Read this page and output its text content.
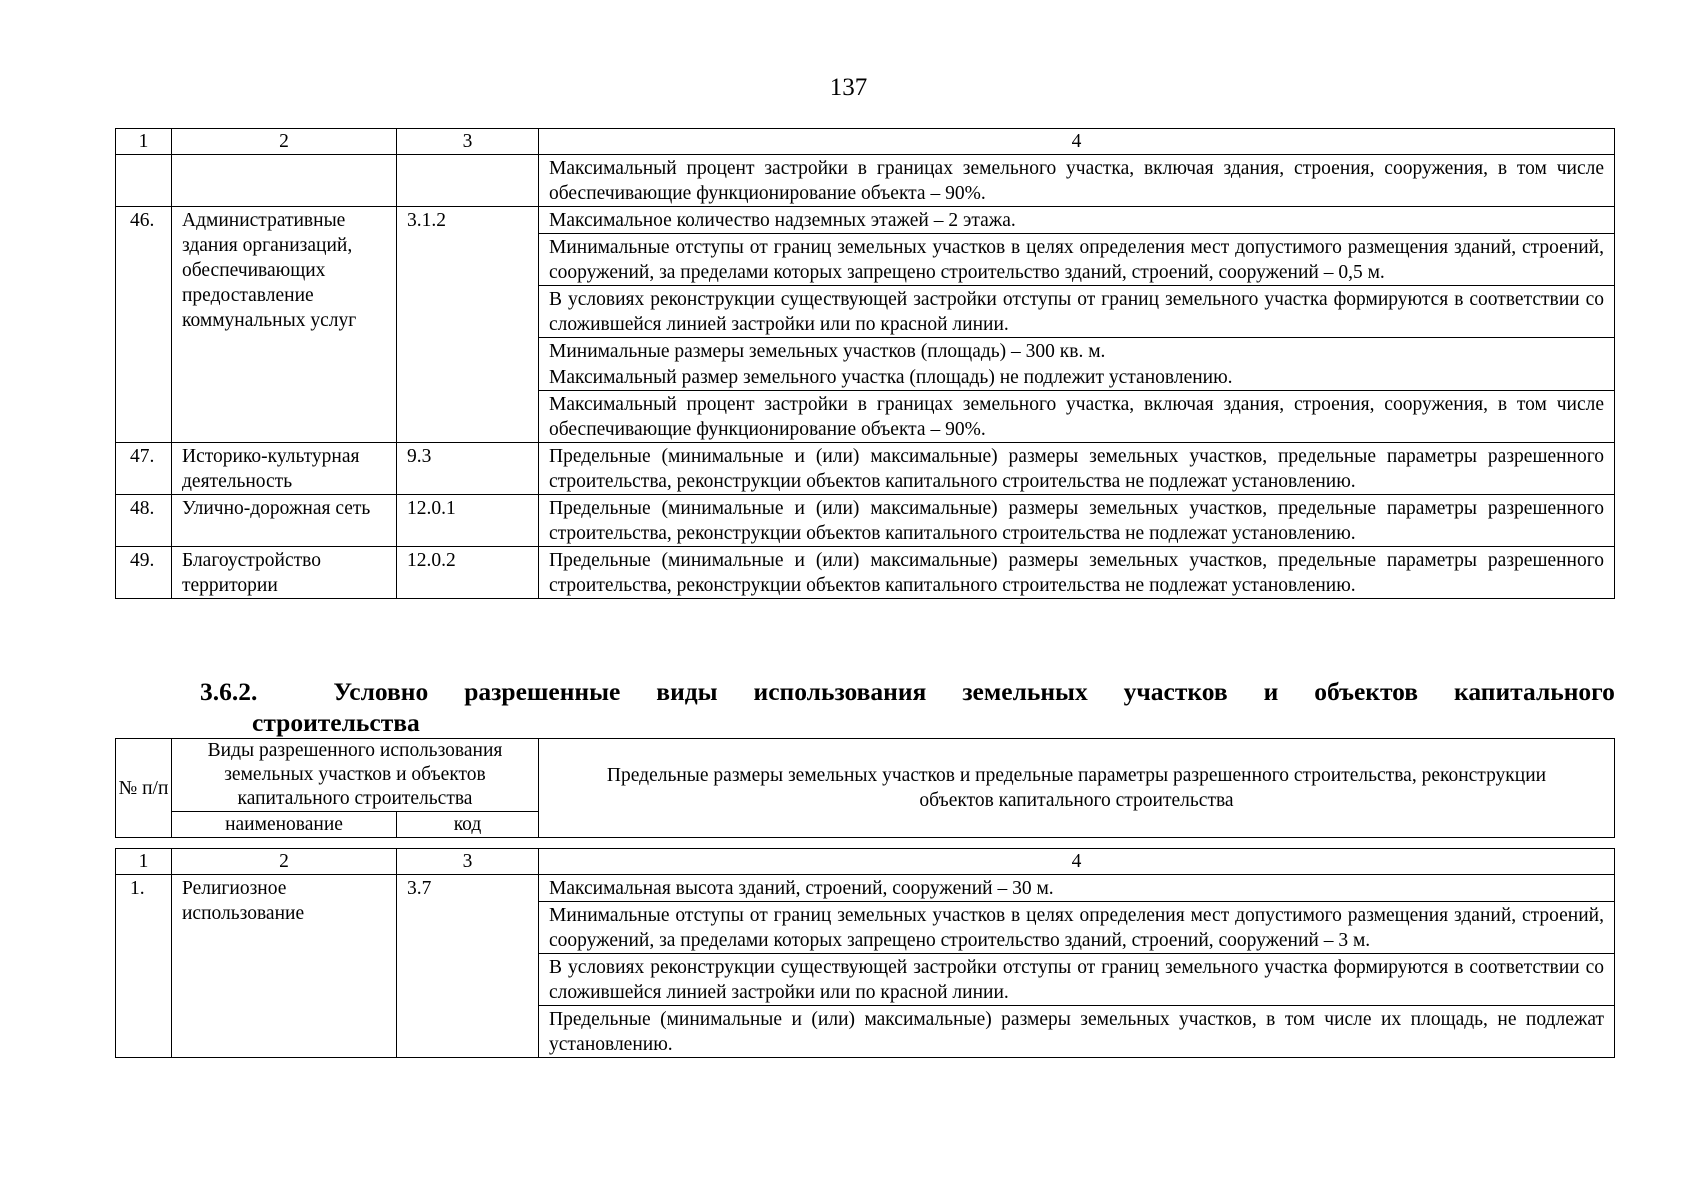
137
1	2	3	4
			Максимальный процент застройки в границах земельного участка, включая здания, строения, сооружения, в том числе обеспечивающие функционирование объекта – 90%.
46.	Административные здания организаций, обеспечивающих предоставление коммунальных услуг	3.1.2	Максимальное количество надземных этажей – 2 этажа.
			Минимальные отступы от границ земельных участков в целях определения мест допустимого размещения зданий, строений, сооружений, за пределами которых запрещено строительство зданий, строений, сооружений – 0,5 м.
			В условиях реконструкции существующей застройки отступы от границ земельного участка формируются в соответствии со сложившейся линией застройки или по красной линии.
			Минимальные размеры земельных участков (площадь) – 300 кв. м.
			Максимальный размер земельного участка (площадь) не подлежит установлению.
			Максимальный процент застройки в границах земельного участка, включая здания, строения, сооружения, в том числе обеспечивающие функционирование объекта – 90%.
47.	Историко-культурная деятельность	9.3	Предельные (минимальные и (или) максимальные) размеры земельных участков, предельные параметры разрешенного строительства, реконструкции объектов капитального строительства не подлежат установлению.
48.	Улично-дорожная сеть	12.0.1	Предельные (минимальные и (или) максимальные) размеры земельных участков, предельные параметры разрешенного строительства, реконструкции объектов капитального строительства не подлежат установлению.
49.	Благоустройство территории	12.0.2	Предельные (минимальные и (или) максимальные) размеры земельных участков, предельные параметры разрешенного строительства, реконструкции объектов капитального строительства не подлежат установлению.
3.6.2.	Условно разрешенные виды использования земельных участков и объектов капитального
строительства
№ п/п	Виды разрешенного использования земельных участков и объектов капитального строительства		Предельные размеры земельных участков и предельные параметры разрешенного строительства, реконструкции объектов капитального строительства
	наименование	код	
1	2	3	4
1.	Религиозное использование	3.7	Максимальная высота зданий, строений, сооружений – 30 м.
			Минимальные отступы от границ земельных участков в целях определения мест допустимого размещения зданий, строений, сооружений, за пределами которых запрещено строительство зданий, строений, сооружений – 3 м.
			В условиях реконструкции существующей застройки отступы от границ земельного участка формируются в соответствии со сложившейся линией застройки или по красной линии.
			Предельные (минимальные и (или) максимальные) размеры земельных участков, в том числе их площадь, не подлежат установлению.
